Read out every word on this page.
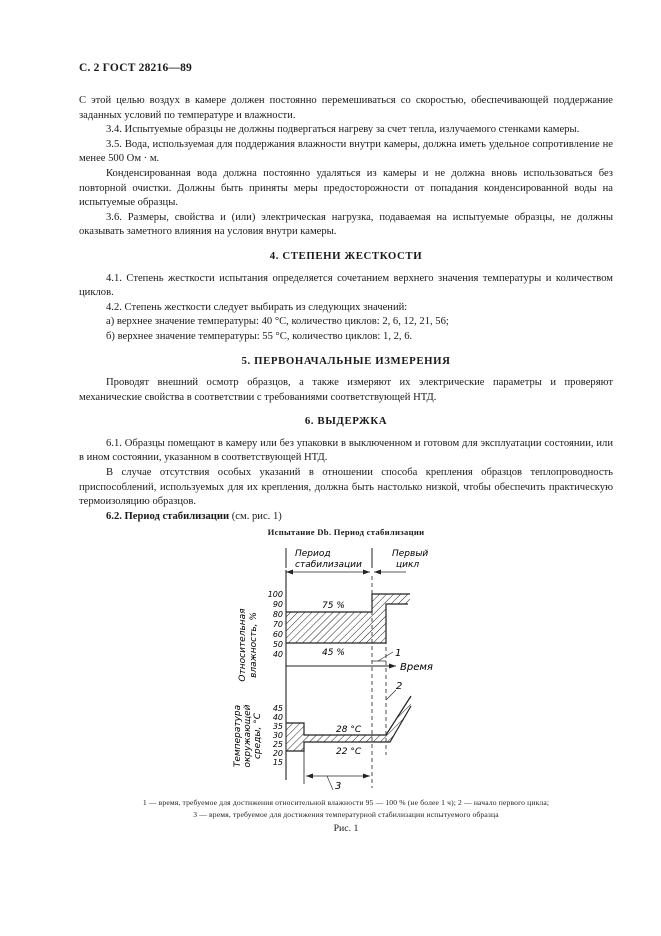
С. 2 ГОСТ 28216—89

С этой целью воздух в камере должен постоянно перемешиваться со скоростью, обеспечивающей поддержание заданных условий по температуре и влажности.

3.4. Испытуемые образцы не должны подвергаться нагреву за счет тепла, излучаемого стенками камеры.

3.5. Вода, используемая для поддержания влажности внутри камеры, должна иметь удельное сопротивление не менее 500 Ом · м.

Конденсированная вода должна постоянно удаляться из камеры и не должна вновь использоваться без повторной очистки. Должны быть приняты меры предосторожности от попадания конденсированной воды на испытуемые образцы.

3.6. Размеры, свойства и (или) электрическая нагрузка, подаваемая на испытуемые образцы, не должны оказывать заметного влияния на условия внутри камеры.

4. СТЕПЕНИ ЖЕСТКОСТИ

4.1. Степень жесткости испытания определяется сочетанием верхнего значения температуры и количеством циклов.

4.2. Степень жесткости следует выбирать из следующих значений:

а) верхнее значение температуры: 40 °С, количество циклов: 2, 6, 12, 21, 56;

б) верхнее значение температуры: 55 °С, количество циклов: 1, 2, 6.

5. ПЕРВОНАЧАЛЬНЫЕ ИЗМЕРЕНИЯ

Проводят внешний осмотр образцов, а также измеряют их электрические параметры и проверяют механические свойства в соответствии с требованиями соответствующей НТД.

6. ВЫДЕРЖКА

6.1. Образцы помещают в камеру или без упаковки в выключенном и готовом для эксплуатации состоянии, или в ином состоянии, указанном в соответствующей НТД.

В случае отсутствия особых указаний в отношении способа крепления образцов теплопроводность приспособлений, используемых для их крепления, должна быть настолько низкой, чтобы обеспечить практическую термоизоляцию образцов.

6.2. Период стабилизации (см. рис. 1)

Испытание Db. Период стабилизации
Период
стабилизации
Первый
цикл
Относительная влажность, %
100
90
80
70
60
50
40
75 %
45 %
Время
1
Температура окружающей среды, °С
45
40
35
30
25
20
15
28 °С
22 °С
2
3
1 — время, требуемое для достижения относительной влажности 95 — 100 % (не более 1 ч); 2 — начало первого цикла;
3 — время, требуемое для достижения температурной стабилизации испытуемого образца
Рис. 1
